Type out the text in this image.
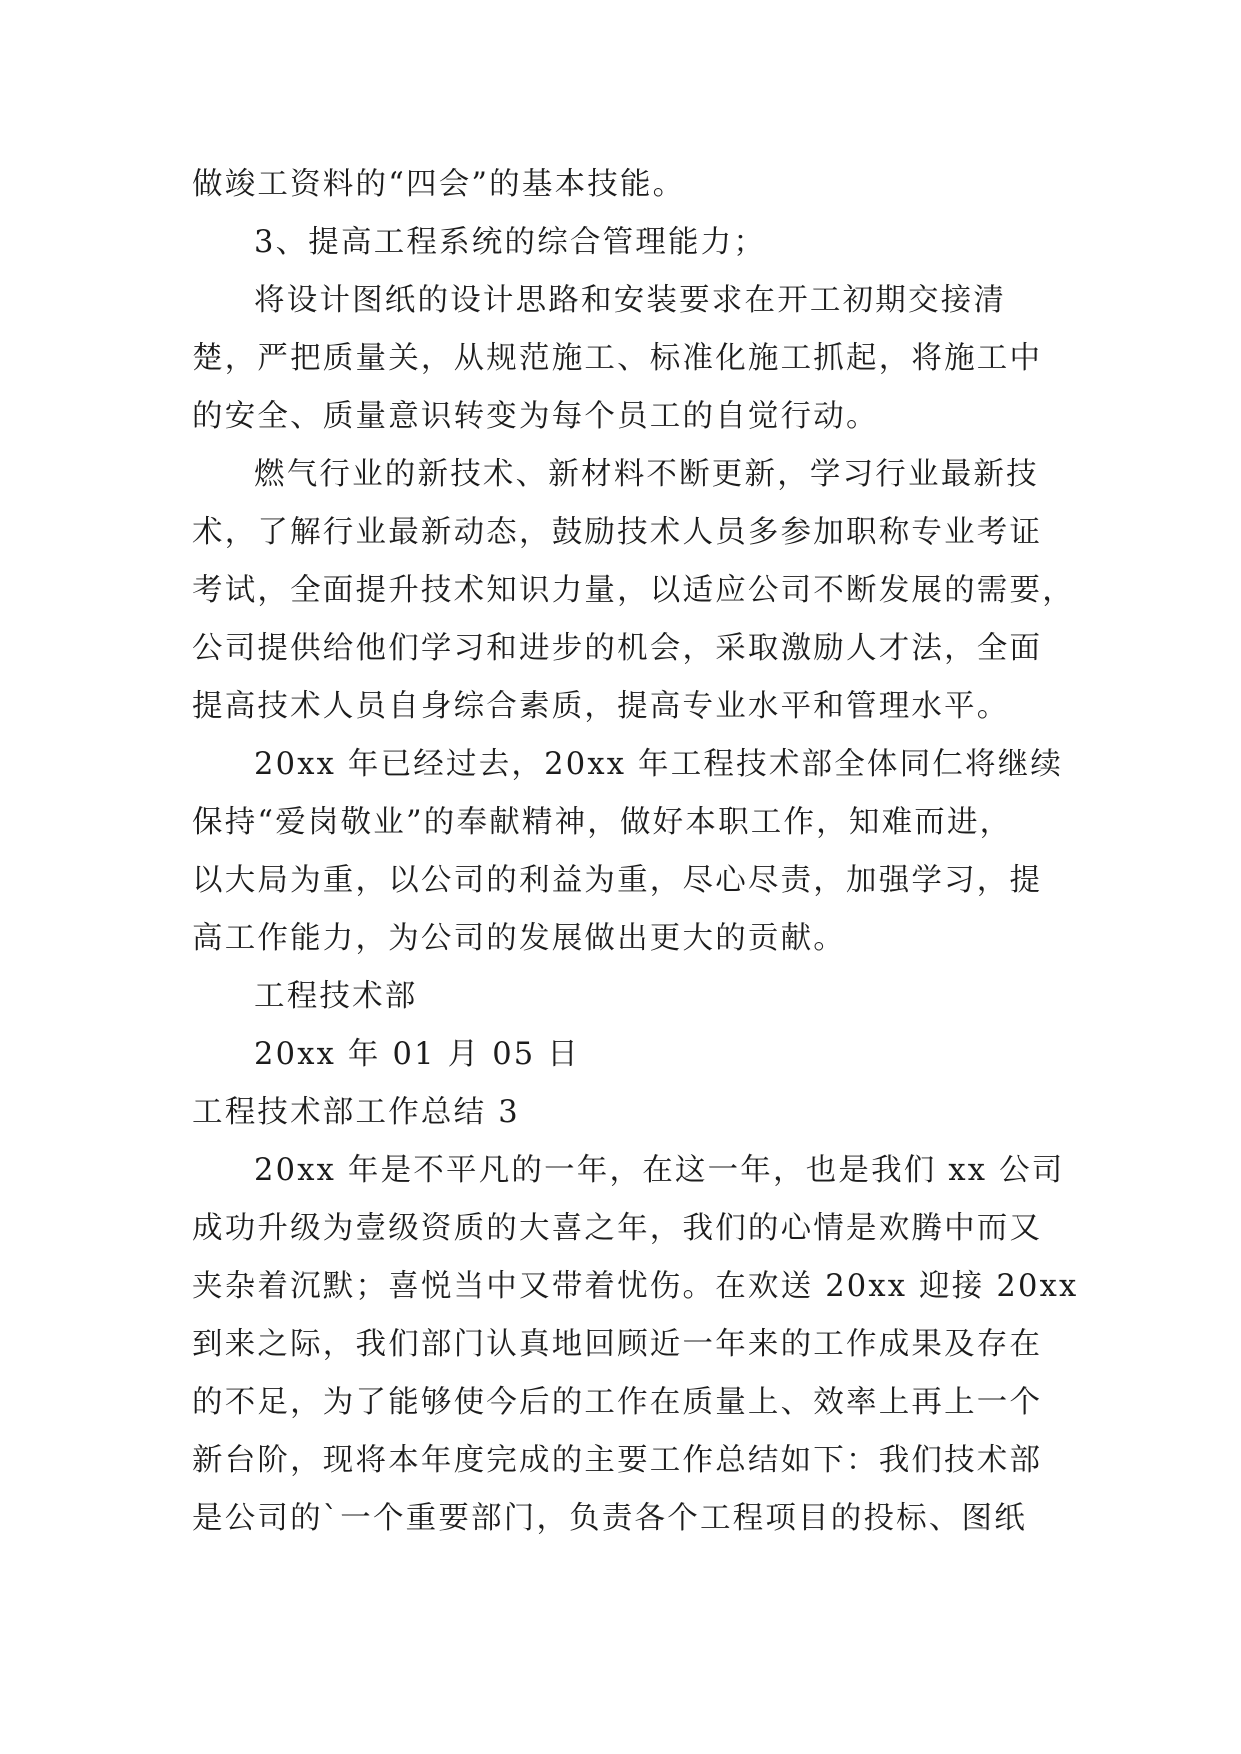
做竣工资料的“四会”的基本技能。
3、提高工程系统的综合管理能力；
将设计图纸的设计思路和安装要求在开工初期交接清
楚，严把质量关，从规范施工、标准化施工抓起，将施工中
的安全、质量意识转变为每个员工的自觉行动。
燃气行业的新技术、新材料不断更新，学习行业最新技
术，了解行业最新动态，鼓励技术人员多参加职称专业考证
考试，全面提升技术知识力量，以适应公司不断发展的需要，
公司提供给他们学习和进步的机会，采取激励人才法，全面
提高技术人员自身综合素质，提高专业水平和管理水平。
20xx 年已经过去，20xx 年工程技术部全体同仁将继续
保持“爱岗敬业”的奉献精神，做好本职工作，知难而进，
以大局为重，以公司的利益为重，尽心尽责，加强学习，提
高工作能力，为公司的发展做出更大的贡献。
工程技术部
20xx 年 01 月 05 日
工程技术部工作总结 3
20xx 年是不平凡的一年，在这一年，也是我们 xx 公司
成功升级为壹级资质的大喜之年，我们的心情是欢腾中而又
夹杂着沉默；喜悦当中又带着忧伤。在欢送 20xx 迎接 20xx
到来之际，我们部门认真地回顾近一年来的工作成果及存在
的不足，为了能够使今后的工作在质量上、效率上再上一个
新台阶，现将本年度完成的主要工作总结如下：我们技术部
是公司的`一个重要部门，负责各个工程项目的投标、图纸
